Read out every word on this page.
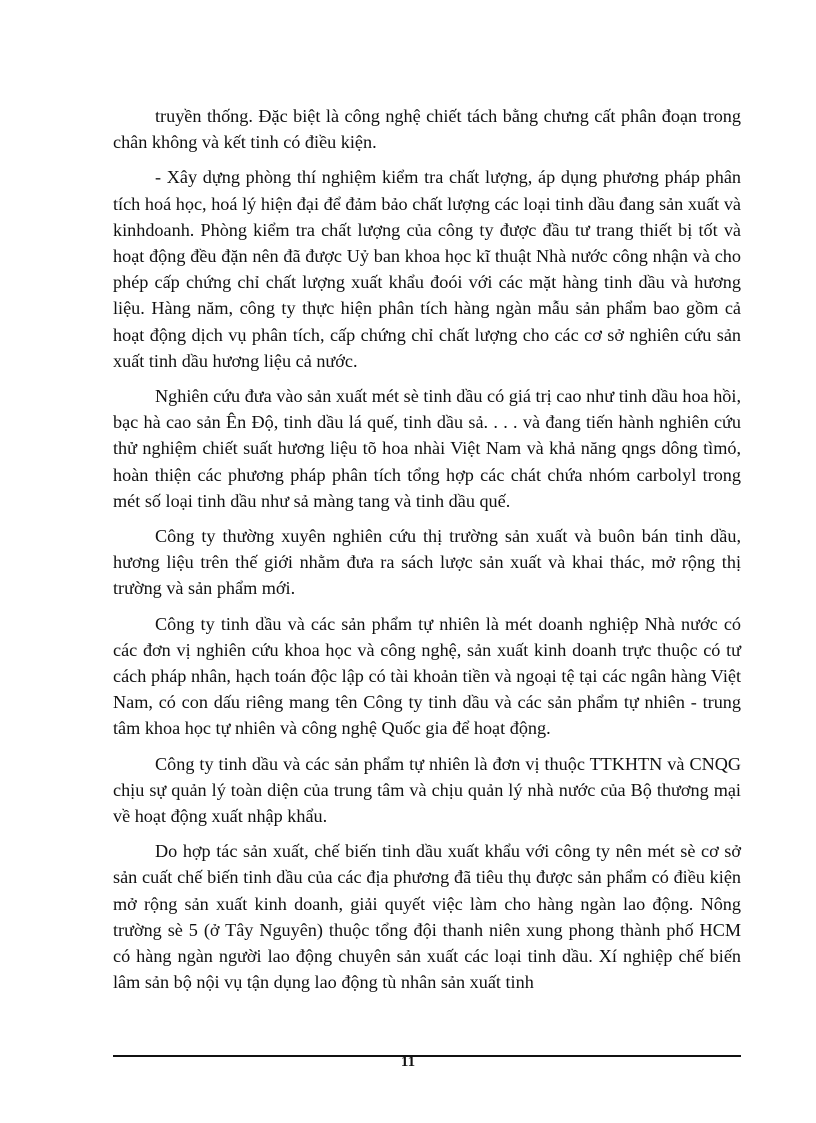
truyền thống. Đặc biệt là công nghệ chiết tách bằng chưng cất phân đoạn trong chân không và kết tinh có điều kiện.

- Xây dựng phòng thí nghiệm kiểm tra chất lượng, áp dụng phương pháp phân tích hoá học, hoá lý hiện đại để đảm bảo chất lượng các loại tinh dầu đang sản xuất và kinhdoanh. Phòng kiểm tra chất lượng của công ty được đầu tư trang thiết bị tốt và hoạt động đều đặn nên đã được Uỷ ban khoa học kĩ thuật Nhà nước công nhận và cho phép cấp chứng chỉ chất lượng xuất khẩu đoói với các mặt hàng tinh dầu và hương liệu. Hàng năm, công ty thực hiện phân tích hàng ngàn mẫu sản phẩm bao gồm cả hoạt động dịch vụ phân tích, cấp chứng chỉ chất lượng cho các cơ sở nghiên cứu sản xuất tinh dầu hương liệu cả nước.

Nghiên cứu đưa vào sản xuất mét sè tinh dầu có giá trị cao như tinh dầu hoa hồi, bạc hà cao sản Ên Độ, tinh dầu lá quế, tinh dầu sả. . . . và đang tiến hành nghiên cứu thử nghiệm chiết suất hương liệu tõ hoa nhài Việt Nam và khả năng qngs dông tìmó, hoàn thiện các phương pháp phân tích tổng hợp các chát chứa nhóm carbolyl trong mét số loại tinh dầu như sả màng tang và tinh dầu quế.

Công ty thường xuyên nghiên cứu thị trường sản xuất và buôn bán tinh dầu, hương liệu trên thế giới nhằm đưa ra sách lược sản xuất và khai thác, mở rộng thị trường và sản phẩm mới.

Công ty tinh dầu và các sản phẩm tự nhiên là mét doanh nghiệp Nhà nước có các đơn vị nghiên cứu khoa học và công nghệ, sản xuất kinh doanh trực thuộc có tư cách pháp nhân, hạch toán độc lập có tài khoản tiền và ngoại tệ tại các ngân hàng Việt Nam, có con dấu riêng mang tên Công ty tinh dầu và các sản phẩm tự nhiên - trung tâm khoa học tự nhiên và công nghệ Quốc gia để hoạt động.

Công ty tinh dầu và các sản phẩm tự nhiên là đơn vị thuộc TTKHTN và CNQG chịu sự quản lý toàn diện của trung tâm và chịu quản lý nhà nước của Bộ thương mại về hoạt động xuất nhập khẩu.

Do hợp tác sản xuất, chế biến tinh dầu xuất khẩu với công ty nên mét sè cơ sở sản cuất chế biến tinh dầu của các địa phương đã tiêu thụ được sản phẩm có điều kiện mở rộng sản xuất kinh doanh, giải quyết việc làm cho hàng ngàn lao động. Nông trường sè 5 (ở Tây Nguyên) thuộc tổng đội thanh niên xung phong thành phố HCM có hàng ngàn người lao động chuyên sản xuất các loại tinh dầu. Xí nghiệp chế biến lâm sản bộ nội vụ tận dụng lao động tù nhân sản xuất tinh

11
